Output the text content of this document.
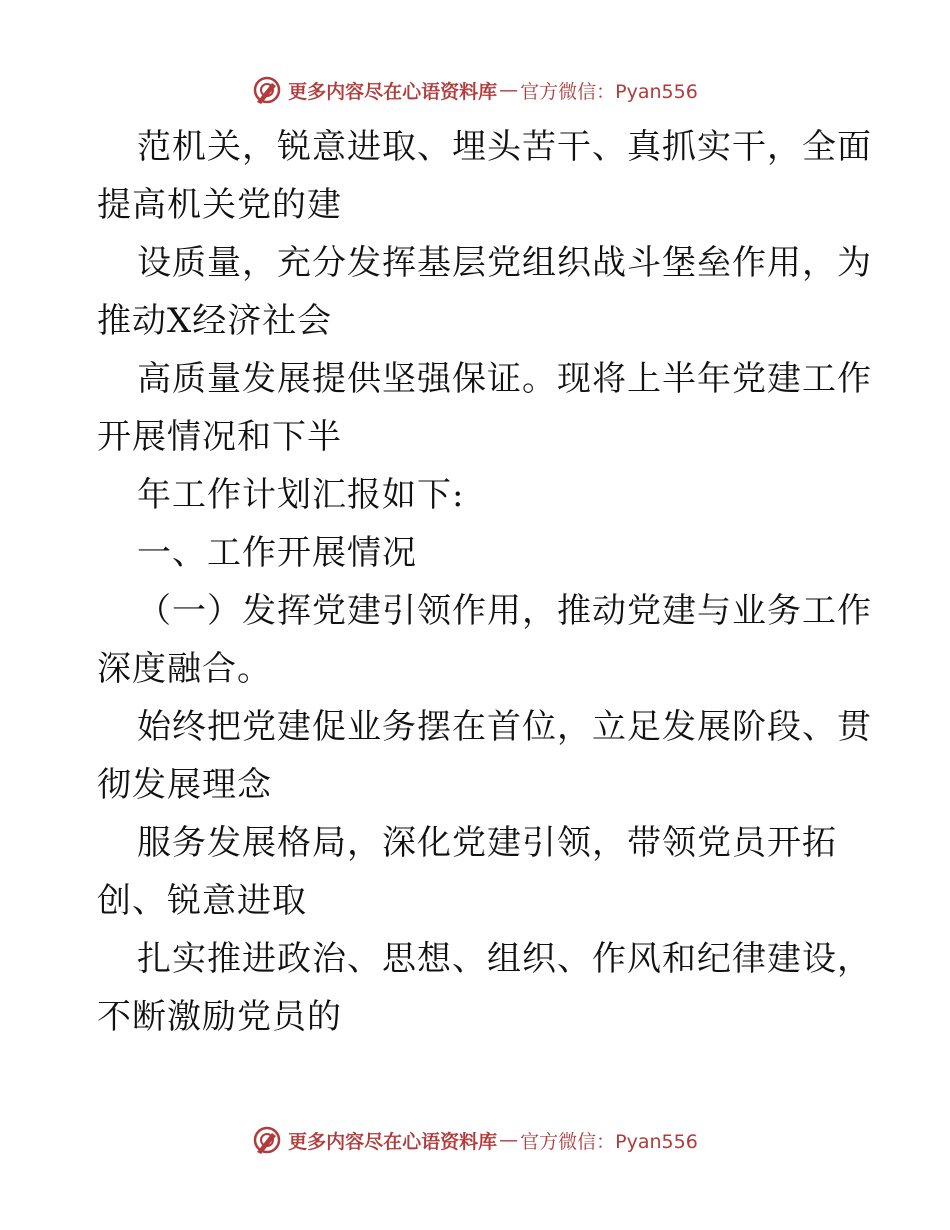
更多内容尽在心语资料库 — 官方微信：Pyan556
范机关，锐意进取、埋头苦干、真抓实干，全面
提高机关党的建
设质量，充分发挥基层党组织战斗堡垒作用，为
推动X经济社会
高质量发展提供坚强保证。现将上半年党建工作
开展情况和下半
年工作计划汇报如下:
一、工作开展情况
（一）发挥党建引领作用，推动党建与业务工作
深度融合。
始终把党建促业务摆在首位，立足发展阶段、贯
彻发展理念
服务发展格局，深化党建引领，带领党员开拓
创、锐意进取
扎实推进政治、思想、组织、作风和纪律建设，
不断激励党员的
更多内容尽在心语资料库 — 官方微信：Pyan556
